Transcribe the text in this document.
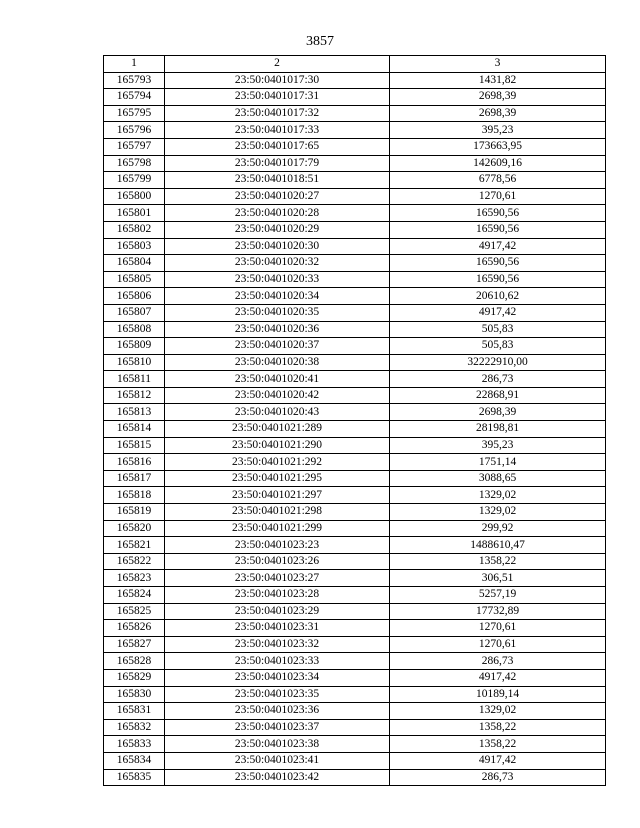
3857
1	2	3
165793	23:50:0401017:30	1431,82
165794	23:50:0401017:31	2698,39
165795	23:50:0401017:32	2698,39
165796	23:50:0401017:33	395,23
165797	23:50:0401017:65	173663,95
165798	23:50:0401017:79	142609,16
165799	23:50:0401018:51	6778,56
165800	23:50:0401020:27	1270,61
165801	23:50:0401020:28	16590,56
165802	23:50:0401020:29	16590,56
165803	23:50:0401020:30	4917,42
165804	23:50:0401020:32	16590,56
165805	23:50:0401020:33	16590,56
165806	23:50:0401020:34	20610,62
165807	23:50:0401020:35	4917,42
165808	23:50:0401020:36	505,83
165809	23:50:0401020:37	505,83
165810	23:50:0401020:38	32222910,00
165811	23:50:0401020:41	286,73
165812	23:50:0401020:42	22868,91
165813	23:50:0401020:43	2698,39
165814	23:50:0401021:289	28198,81
165815	23:50:0401021:290	395,23
165816	23:50:0401021:292	1751,14
165817	23:50:0401021:295	3088,65
165818	23:50:0401021:297	1329,02
165819	23:50:0401021:298	1329,02
165820	23:50:0401021:299	299,92
165821	23:50:0401023:23	1488610,47
165822	23:50:0401023:26	1358,22
165823	23:50:0401023:27	306,51
165824	23:50:0401023:28	5257,19
165825	23:50:0401023:29	17732,89
165826	23:50:0401023:31	1270,61
165827	23:50:0401023:32	1270,61
165828	23:50:0401023:33	286,73
165829	23:50:0401023:34	4917,42
165830	23:50:0401023:35	10189,14
165831	23:50:0401023:36	1329,02
165832	23:50:0401023:37	1358,22
165833	23:50:0401023:38	1358,22
165834	23:50:0401023:41	4917,42
165835	23:50:0401023:42	286,73
